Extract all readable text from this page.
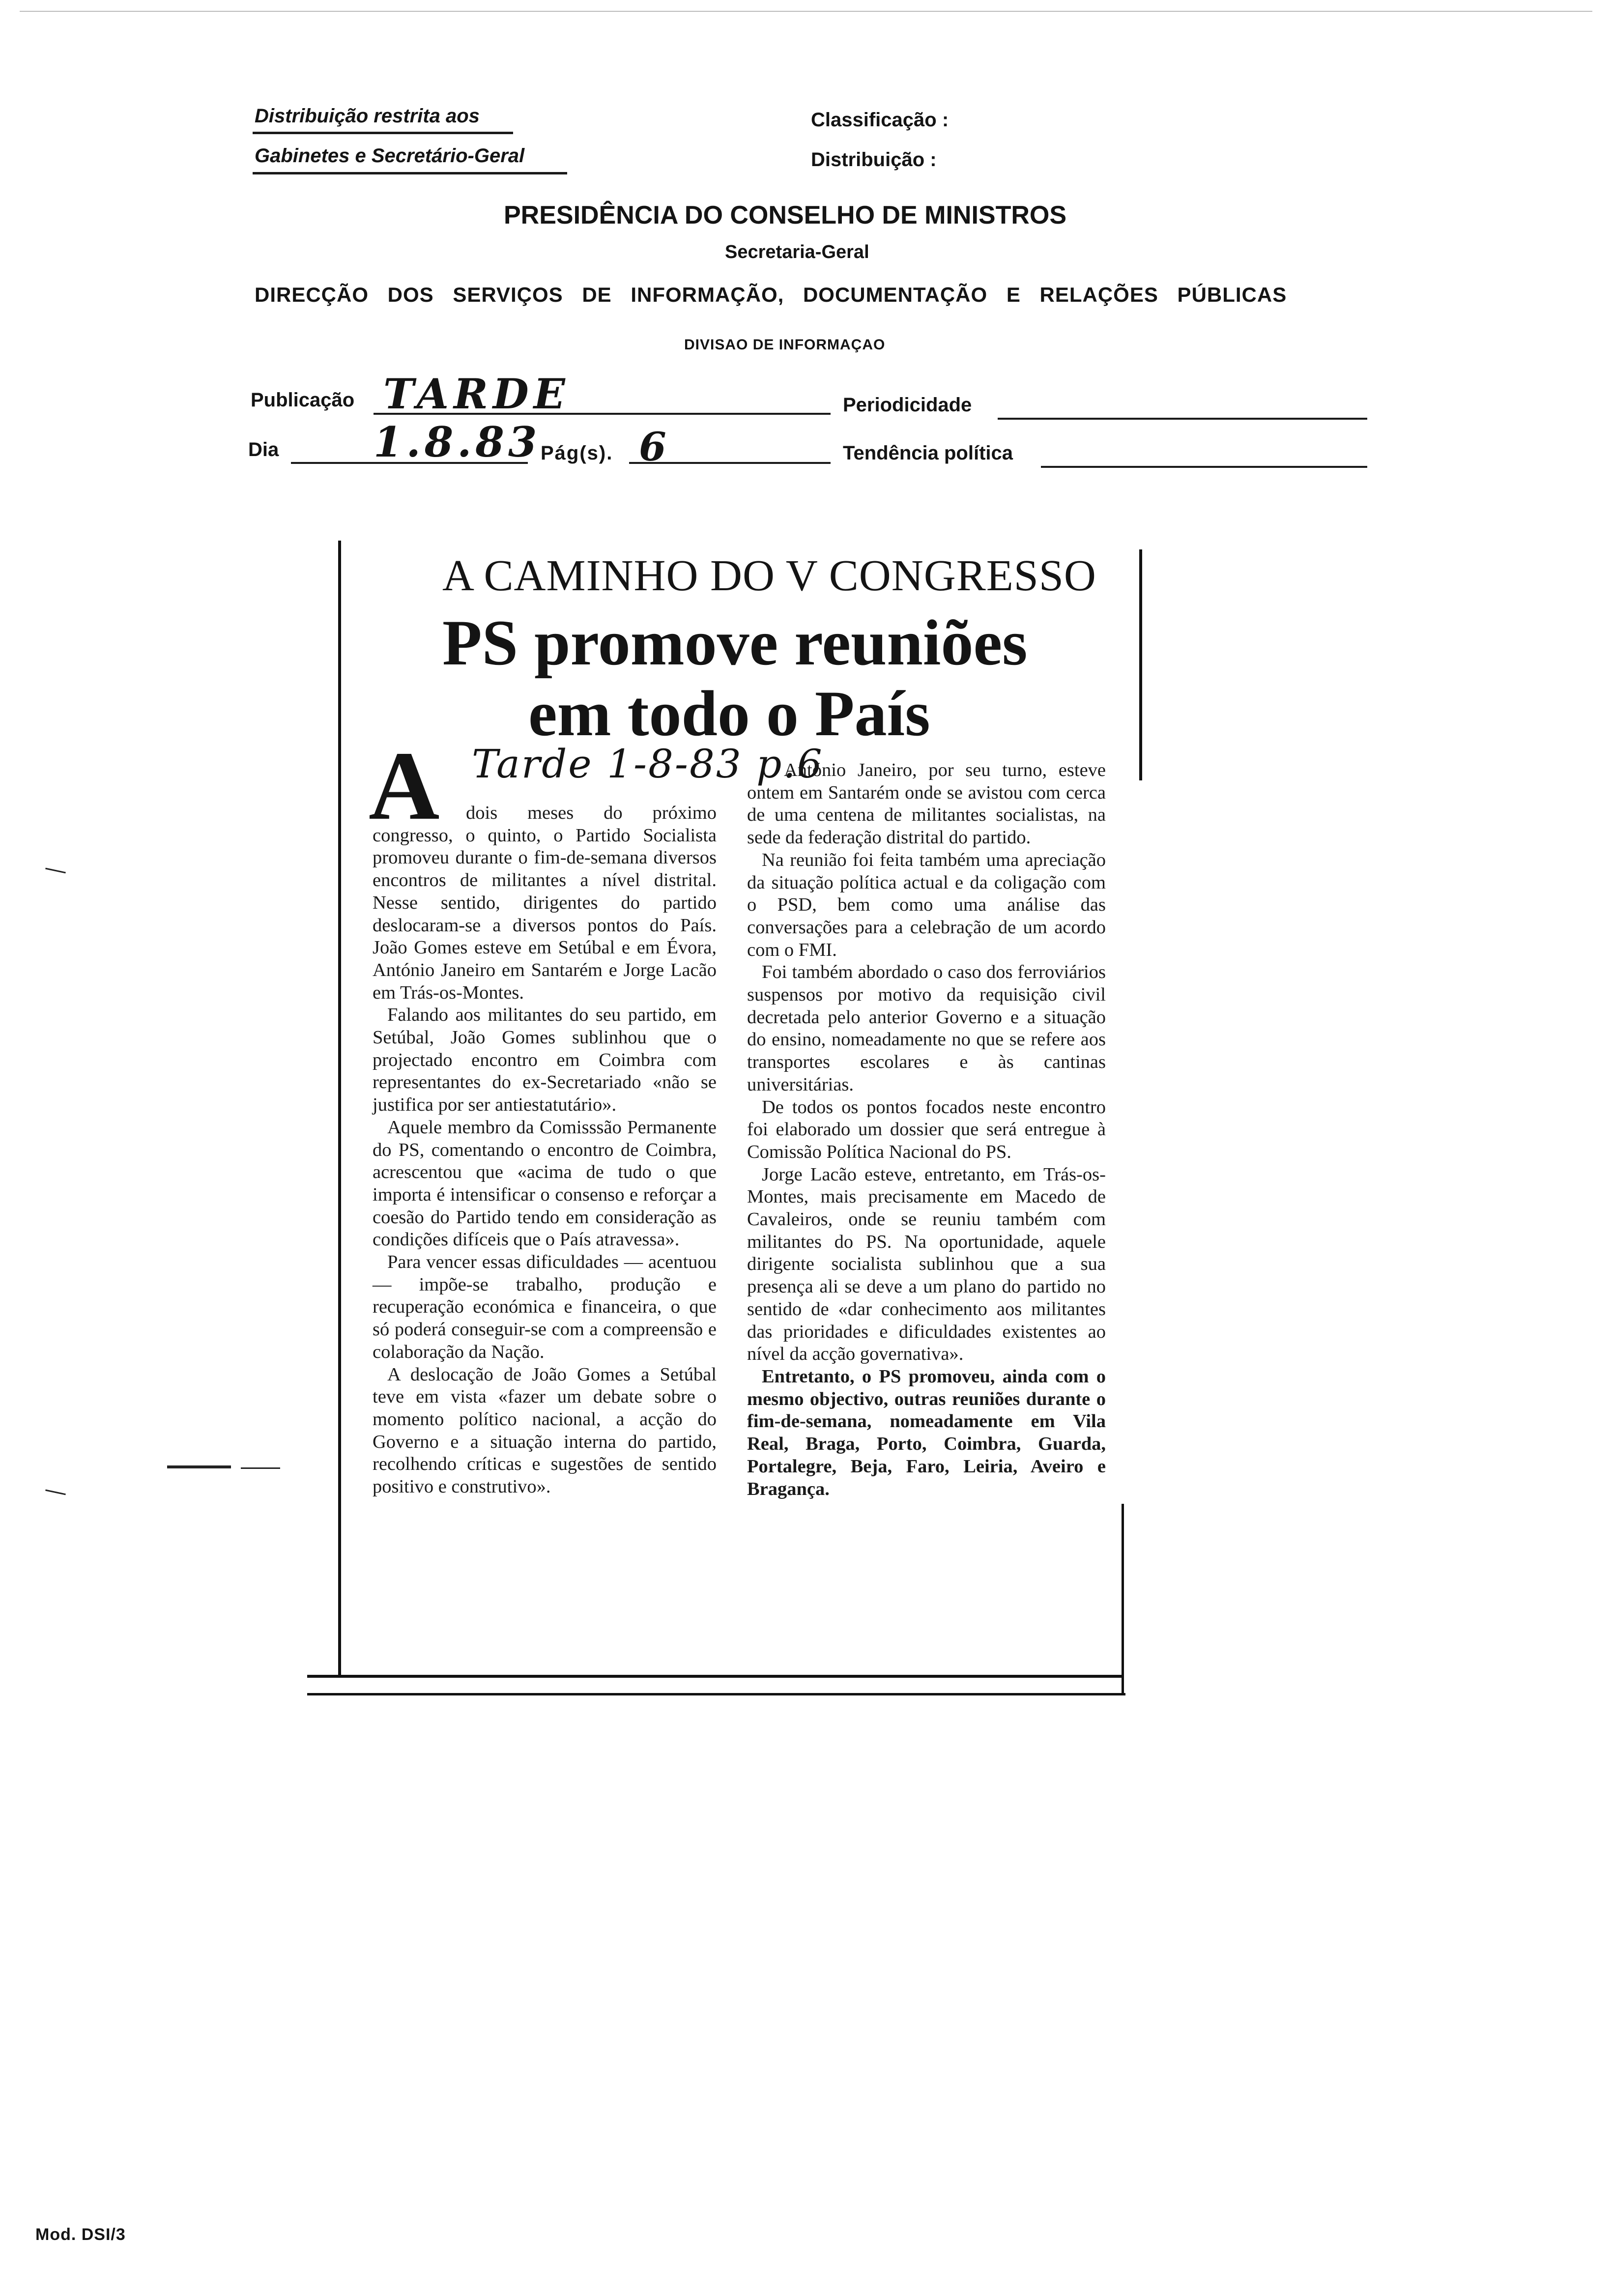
Distribuição restrita aos
Gabinetes e Secretário-Geral
Classificação :
Distribuição :
PRESIDÊNCIA DO CONSELHO DE MINISTROS
Secretaria-Geral
DIRECÇÃO DOS SERVIÇOS DE INFORMAÇÃO, DOCUMENTAÇÃO E RELAÇÕES PÚBLICAS
DIVISAO DE INFORMAÇAO
Publicação TARDE	Periodicidade
Dia 1.8.83 Pág(s). 6	Tendência política
A CAMINHO DO V CONGRESSO
PS promove reuniões
em todo o País
Tarde 1-8-83 p.6
A	dois meses do próximo congresso, o quinto, o Partido Socialista promoveu durante o fim-de-semana diversos encontros de militantes a nível distrital. Nesse sentido, dirigentes do partido deslocaram-se a diversos pontos do País. João Gomes esteve em Setúbal e em Évora, António Janeiro em Santarém e Jorge Lacão em Trás-os-Montes.

Falando aos militantes do seu partido, em Setúbal, João Gomes sublinhou que o projectado encontro em Coimbra com representantes do ex-Secretariado «não se justifica por ser antiestatutário».

Aquele membro da Comisssão Permanente do PS, comentando o encontro de Coimbra, acrescentou que «acima de tudo o que importa é intensificar o consenso e reforçar a coesão do Partido tendo em consideração as condições difíceis que o País atravessa».

Para vencer essas dificuldades — acentuou — impõe-se trabalho, produção e recuperação económica e financeira, o que só poderá conseguir-se com a compreensão e colaboração da Nação.

A deslocação de João Gomes a Setúbal teve em vista «fazer um debate sobre o momento político nacional, a acção do Governo e a situação interna do partido, recolhendo críticas e sugestões de sentido positivo e construtivo».

António Janeiro, por seu turno, esteve ontem em Santarém onde se avistou com cerca de uma centena de militantes socialistas, na sede da federação distrital do partido.

Na reunião foi feita também uma apreciação da situação política actual e da coligação com o PSD, bem como uma análise das conversações para a celebração de um acordo com o FMI.

Foi também abordado o caso dos ferroviários suspensos por motivo da requisição civil decretada pelo anterior Governo e a situação do ensino, nomeadamente no que se refere aos transportes escolares e às cantinas universitárias.

De todos os pontos focados neste encontro foi elaborado um dossier que será entregue à Comissão Política Nacional do PS.

Jorge Lacão esteve, entretanto, em Trás-os-Montes, mais precisamente em Macedo de Cavaleiros, onde se reuniu também com militantes do PS. Na oportunidade, aquele dirigente socialista sublinhou que a sua presença ali se deve a um plano do partido no sentido de «dar conhecimento aos militantes das prioridades e dificuldades existentes ao nível da acção governativa».

Entretanto, o PS promoveu, ainda com o mesmo objectivo, outras reuniões durante o fim-de-semana, nomeadamente em Vila Real, Braga, Porto, Coimbra, Guarda, Portalegre, Beja, Faro, Leiria, Aveiro e Bragança.

Mod. DSI/3
